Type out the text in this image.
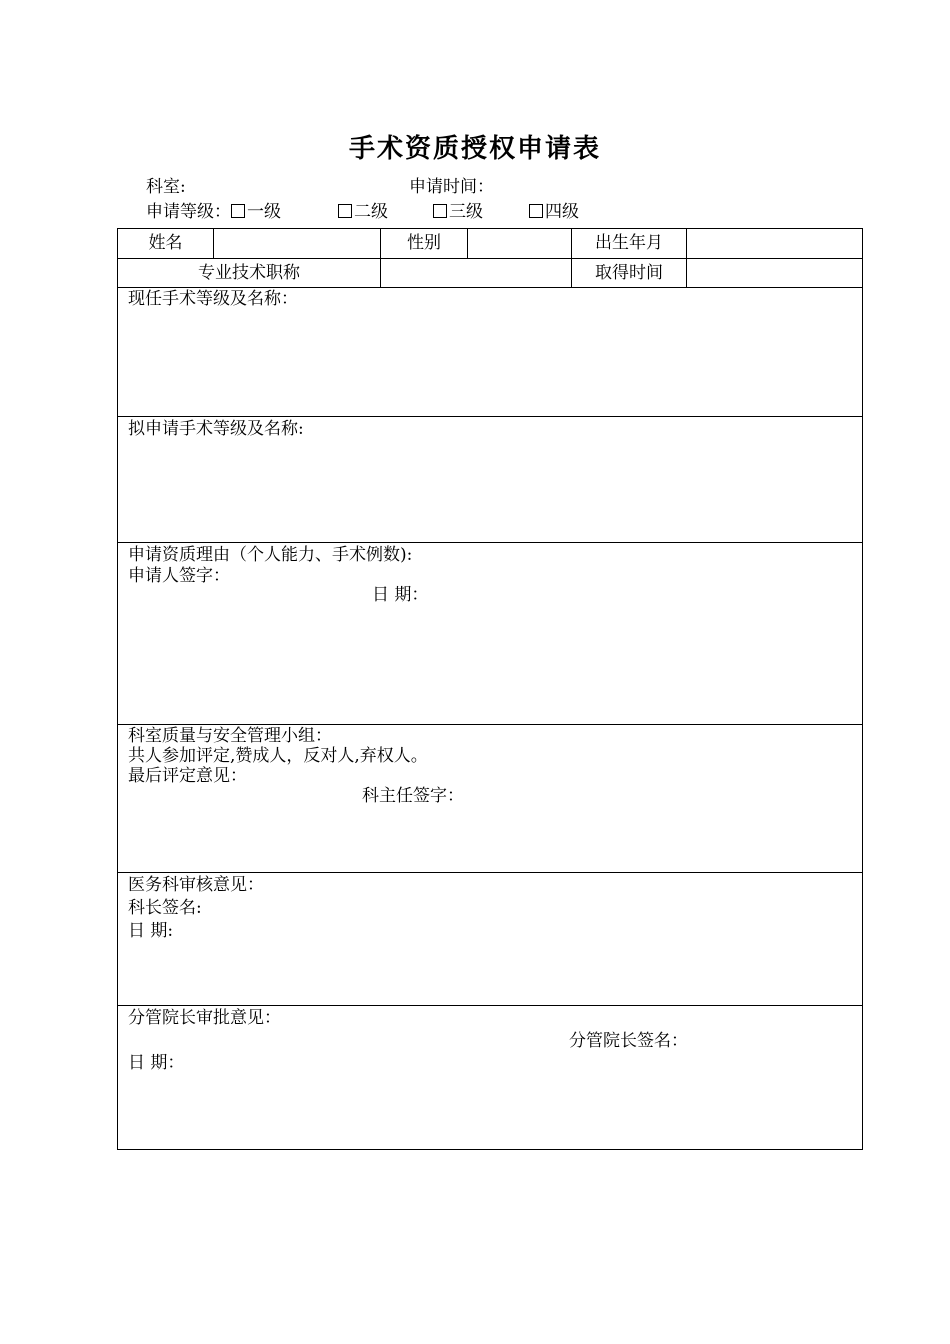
手术资质授权申请表
科室:	申请时间：
申请等级： 一级	二级	三级	四级
姓名	性别	出生年月
专业技术职称	取得时间
现任手术等级及名称：
拟申请手术等级及名称:
申请资质理由（个人能力、手术例数):
申请人签字：
日 期：
科室质量与安全管理小组：
共人参加评定,赞成人，反对人,弃权人。
最后评定意见：
科主任签字：
医务科审核意见：
科长签名:
日 期:
分管院长审批意见：
分管院长签名：
日 期：
